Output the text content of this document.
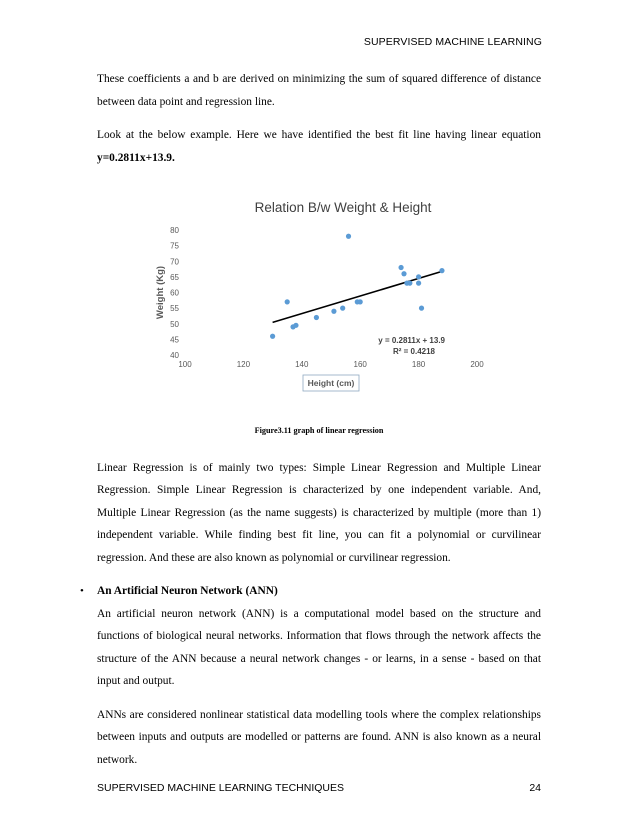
SUPERVISED MACHINE LEARNING

These coefficients a and b are derived on minimizing the sum of squared difference of distance between data point and regression line.

Look at the below example. Here we have identified the best fit line having linear equation y=0.2811x+13.9.

Relation B/w Weight & Height
Weight (Kg)
40
45
50
55
60
65
70
75
80
100	120	140	160	180	200
y = 0.2811x + 13.9
R² = 0.4218
Height (cm)

Figure3.11 graph of linear regression

Linear Regression is of mainly two types: Simple Linear Regression and Multiple Linear Regression. Simple Linear Regression is characterized by one independent variable. And, Multiple Linear Regression (as the name suggests) is characterized by multiple (more than 1) independent variable. While finding best fit line, you can fit a polynomial or curvilinear regression. And these are also known as polynomial or curvilinear regression.

• An Artificial Neuron Network (ANN)

An artificial neuron network (ANN) is a computational model based on the structure and functions of biological neural networks. Information that flows through the network affects the structure of the ANN because a neural network changes - or learns, in a sense - based on that input and output.

ANNs are considered nonlinear statistical data modelling tools where the complex relationships between inputs and outputs are modelled or patterns are found. ANN is also known as a neural network.

SUPERVISED MACHINE LEARNING TECHNIQUES	24
